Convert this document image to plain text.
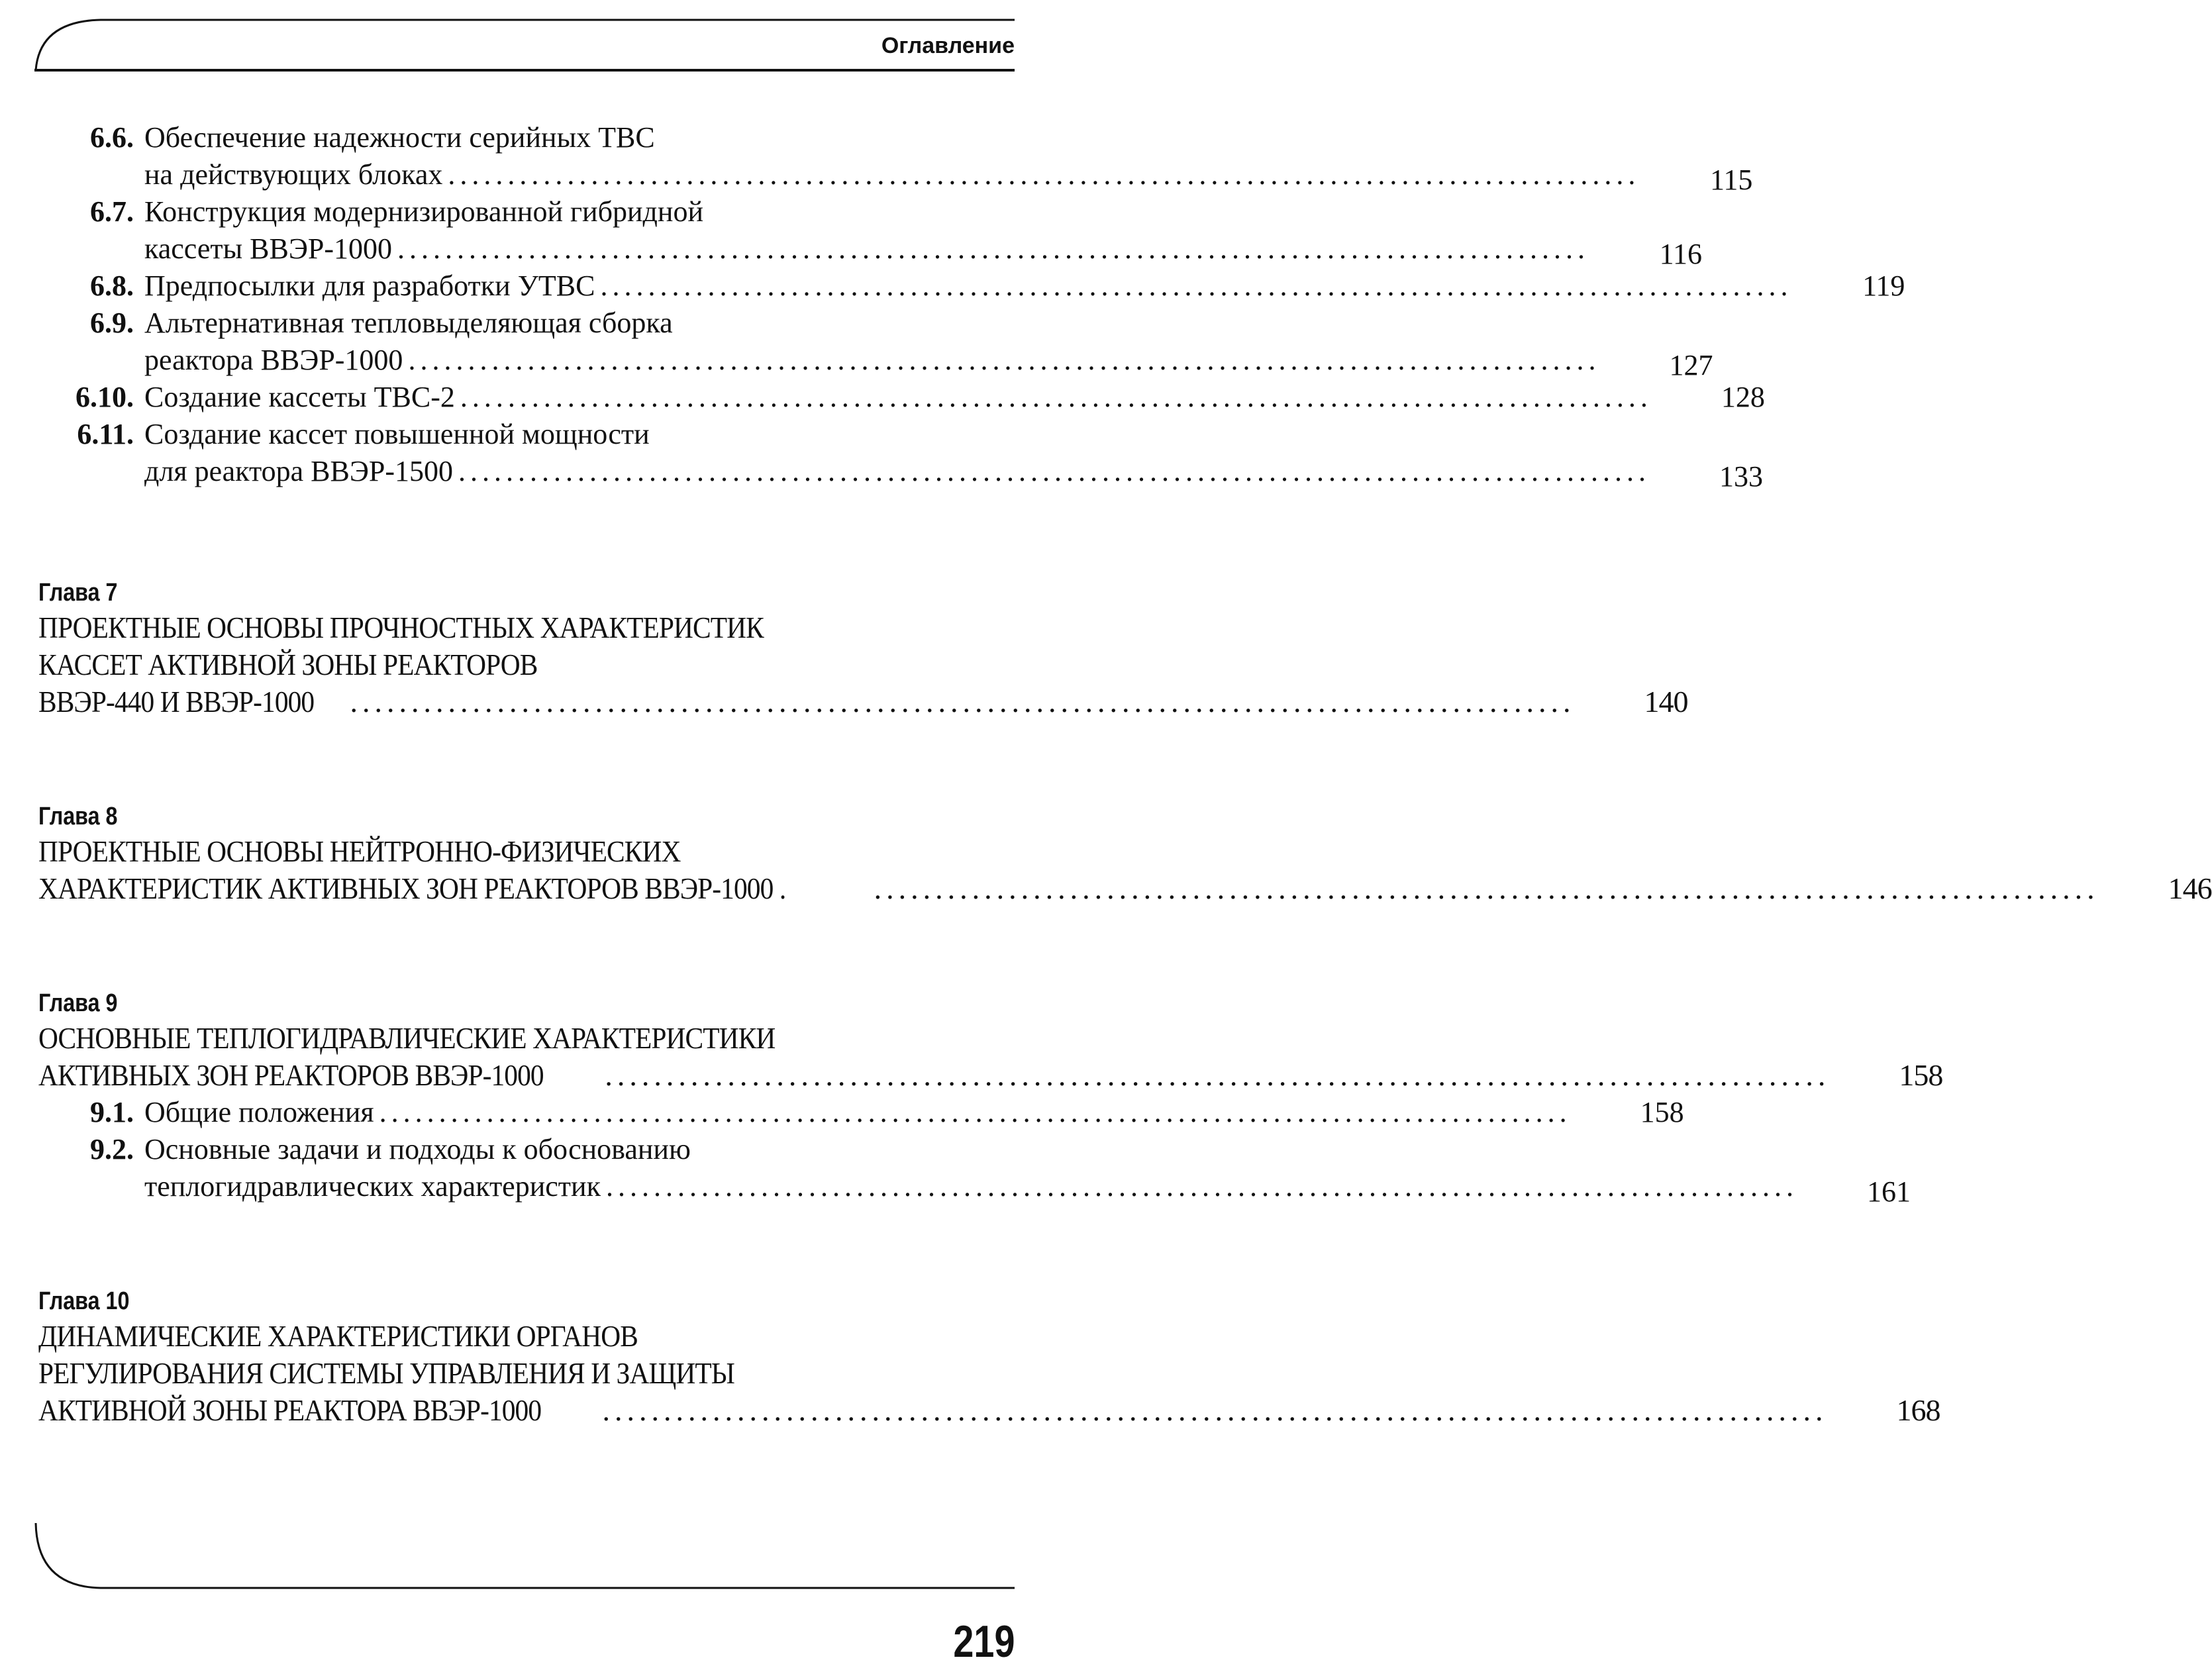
Оглавление
6.6. Обеспечение надежности серийных ТВС
на действующих блоках .....	115
6.7. Конструкция модернизированной гибридной
кассеты ВВЭР-1000 .....	116
6.8. Предпосылки для разработки УТВС .....	119
6.9. Альтернативная тепловыделяющая сборка
реактора ВВЭР-1000 .....	127
6.10. Создание кассеты ТВС-2 .....	128
6.11. Создание кассет повышенной мощности
для реактора ВВЭР-1500 .....	133
Глава 7
ПРОЕКТНЫЕ ОСНОВЫ ПРОЧНОСТНЫХ ХАРАКТЕРИСТИК
КАССЕТ АКТИВНОЙ ЗОНЫ РЕАКТОРОВ
ВВЭР-440 И ВВЭР-1000 .....	140
Глава 8
ПРОЕКТНЫЕ ОСНОВЫ НЕЙТРОННО-ФИЗИЧЕСКИХ
ХАРАКТЕРИСТИК АКТИВНЫХ ЗОН РЕАКТОРОВ ВВЭР-1000 . .....	146
Глава 9
ОСНОВНЫЕ ТЕПЛОГИДРАВЛИЧЕСКИЕ ХАРАКТЕРИСТИКИ
АКТИВНЫХ ЗОН РЕАКТОРОВ ВВЭР-1000 .....	158
9.1. Общие положения .....	158
9.2. Основные задачи и подходы к обоснованию
теплогидравлических характеристик .....	161
Глава 10
ДИНАМИЧЕСКИЕ ХАРАКТЕРИСТИКИ ОРГАНОВ
РЕГУЛИРОВАНИЯ СИСТЕМЫ УПРАВЛЕНИЯ И ЗАЩИТЫ
АКТИВНОЙ ЗОНЫ РЕАКТОРА ВВЭР-1000 .....	168
219
